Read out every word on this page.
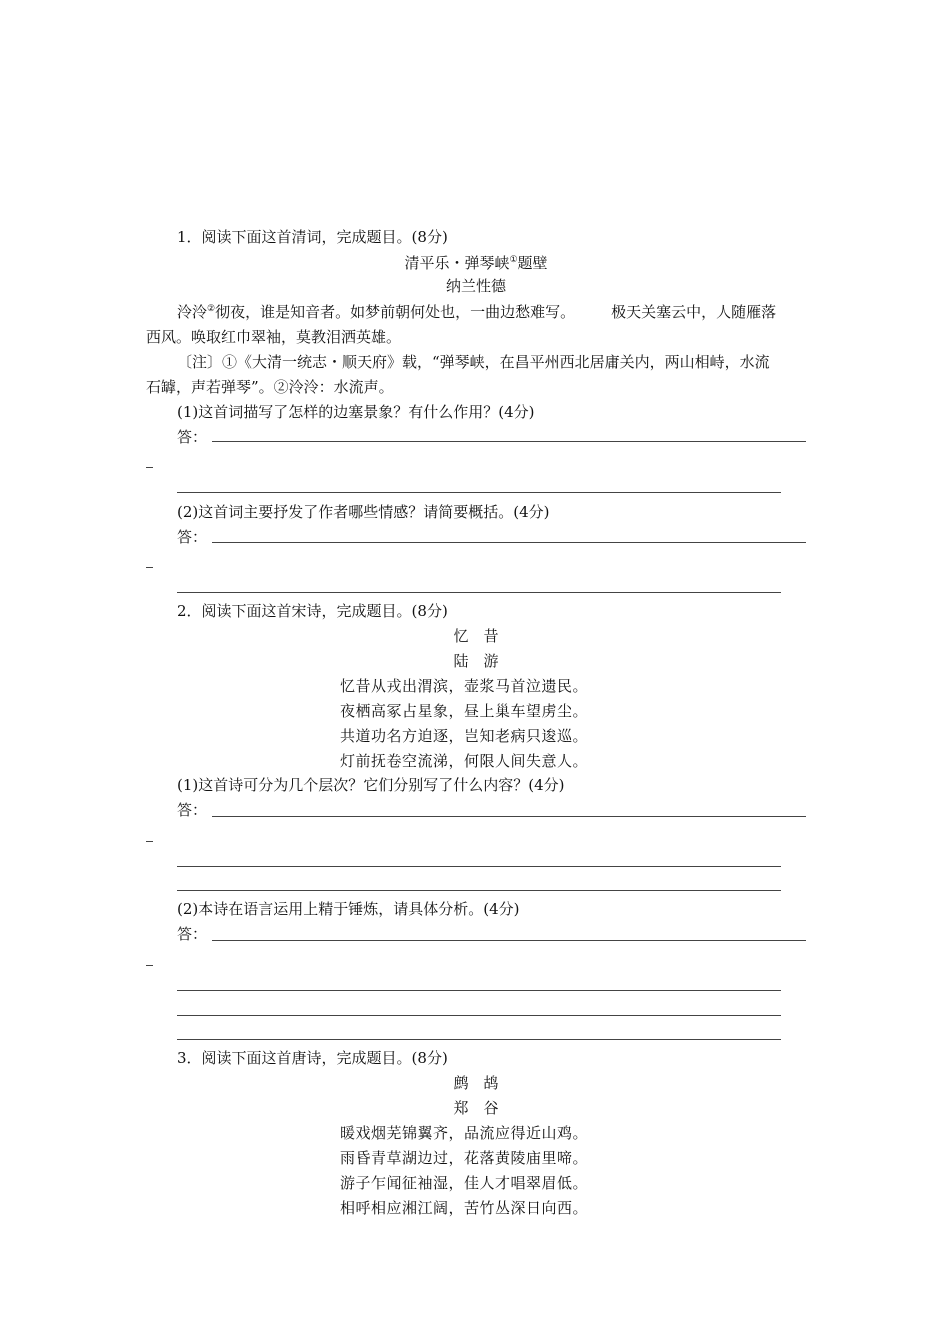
1．阅读下面这首清词，完成题目。(8分)
清平乐・弹琴峡①题壁
纳兰性德
泠泠②彻夜，谁是知音者。如梦前朝何处也，一曲边愁难写。 极天关塞云中，人随雁落
西风。唤取红巾翠袖，莫教泪洒英雄。
〔注〕①《大清一统志・顺天府》载，“弹琴峡，在昌平州西北居庸关内，两山相峙，水流
石罅，声若弹琴”。②泠泠：水流声。
(1)这首词描写了怎样的边塞景象？有什么作用？(4分)
答：
(2)这首词主要抒发了作者哪些情感？请简要概括。(4分)
答：
2．阅读下面这首宋诗，完成题目。(8分)
忆　昔
陆　游
忆昔从戎出渭滨，壶浆马首泣遗民。
夜栖高冢占星象，昼上巢车望虏尘。
共道功名方迫逐，岂知老病只逡巡。
灯前抚卷空流涕，何限人间失意人。
(1)这首诗可分为几个层次？它们分别写了什么内容？(4分)
答：
(2)本诗在语言运用上精于锤炼，请具体分析。(4分)
答：
3．阅读下面这首唐诗，完成题目。(8分)
鹧　鸪
郑　谷
暖戏烟芜锦翼齐，品流应得近山鸡。
雨昏青草湖边过，花落黄陵庙里啼。
游子乍闻征袖湿，佳人才唱翠眉低。
相呼相应湘江阔，苦竹丛深日向西。
